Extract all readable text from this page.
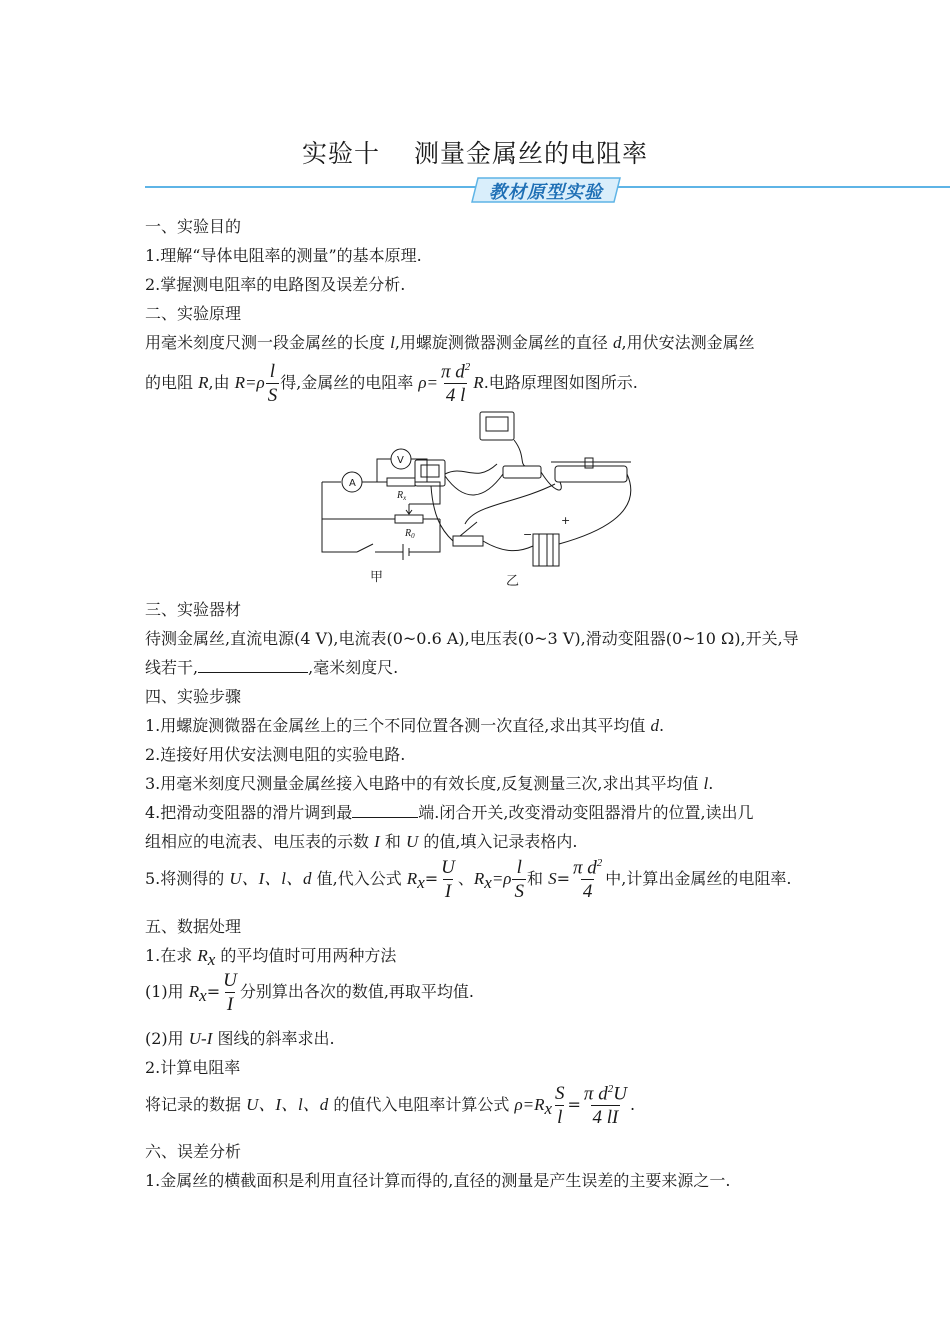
实验十 测量金属丝的电阻率
教材原型实验
一、实验目的
1.理解“导体电阻率的测量”的基本原理.
2.掌握测电阻率的电路图及误差分析.
二、实验原理
用毫米刻度尺测一段金属丝的长度 l,用螺旋测微器测金属丝的直径 d,用伏安法测金属丝
的电阻 R,由 $R=\rho \frac{l}{S}$ 得,金属丝的电阻率 $\rho= \frac{\pi d^2}{4 l} R$.电路原理图如图所示.
A
V
$R_x$
$R_0$
+
−
甲	乙
三、实验器材
待测金属丝,直流电源(4 V),电流表(0~0.6 A),电压表(0~3 V),滑动变阻器(0~10 Ω),开关,导
线若干,	,毫米刻度尺.
四、实验步骤
1.用螺旋测微器在金属丝上的三个不同位置各测一次直径,求出其平均值 d.
2.连接好用伏安法测电阻的实验电路.
3.用毫米刻度尺测量金属丝接入电路中的有效长度,反复测量三次,求出其平均值 l.
4.把滑动变阻器的滑片调到最	端.闭合开关,改变滑动变阻器滑片的位置,读出几
组相应的电流表、电压表的示数 I 和 U 的值,填入记录表格内.
5.将测得的 U、I、l、d 值,代入公式 $R_x= \frac{U}{I}$ 、$R_x=\rho \frac{l}{S}$ 和 $S= \frac{\pi d^2}{4}$ 中,计算出金属丝的电阻率.
五、数据处理
1.在求 $R_x$ 的平均值时可用两种方法
(1)用 $R_x= \frac{U}{I}$ 分别算出各次的数值,再取平均值.
(2)用 U-I 图线的斜率求出.
2.计算电阻率
将记录的数据 U、I、l、d 的值代入电阻率计算公式 $\rho=R_x \frac{S}{l} = \frac{\pi d^2U}{4 lI}$ .
六、误差分析
1.金属丝的横截面积是利用直径计算而得的,直径的测量是产生误差的主要来源之一.
